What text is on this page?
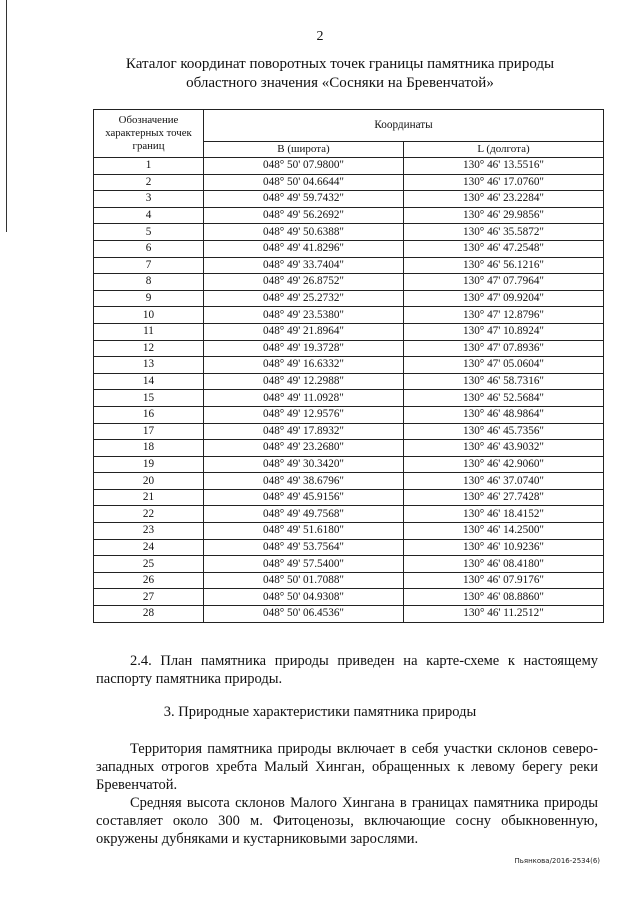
2
Каталог координат поворотных точек границы памятника природы
областного значения «Сосняки на Бревенчатой»
Обозначение характерных точек границ	Координаты	
	B (широта)	L (долгота)
1	048° 50' 07.9800"	130° 46' 13.5516"
2	048° 50' 04.6644"	130° 46' 17.0760"
3	048° 49' 59.7432"	130° 46' 23.2284"
4	048° 49' 56.2692"	130° 46' 29.9856"
5	048° 49' 50.6388"	130° 46' 35.5872"
6	048° 49' 41.8296"	130° 46' 47.2548"
7	048° 49' 33.7404"	130° 46' 56.1216"
8	048° 49' 26.8752"	130° 47' 07.7964"
9	048° 49' 25.2732"	130° 47' 09.9204"
10	048° 49' 23.5380"	130° 47' 12.8796"
11	048° 49' 21.8964"	130° 47' 10.8924"
12	048° 49' 19.3728"	130° 47' 07.8936"
13	048° 49' 16.6332"	130° 47' 05.0604"
14	048° 49' 12.2988"	130° 46' 58.7316"
15	048° 49' 11.0928"	130° 46' 52.5684"
16	048° 49' 12.9576"	130° 46' 48.9864"
17	048° 49' 17.8932"	130° 46' 45.7356"
18	048° 49' 23.2680"	130° 46' 43.9032"
19	048° 49' 30.3420"	130° 46' 42.9060"
20	048° 49' 38.6796"	130° 46' 37.0740"
21	048° 49' 45.9156"	130° 46' 27.7428"
22	048° 49' 49.7568"	130° 46' 18.4152"
23	048° 49' 51.6180"	130° 46' 14.2500"
24	048° 49' 53.7564"	130° 46' 10.9236"
25	048° 49' 57.5400"	130° 46' 08.4180"
26	048° 50' 01.7088"	130° 46' 07.9176"
27	048° 50' 04.9308"	130° 46' 08.8860"
28	048° 50' 06.4536"	130° 46' 11.2512"

2.4. План памятника природы приведен на карте-схеме к настоящему паспорту памятника природы.

3. Природные характеристики памятника природы

Территория памятника природы включает в себя участки склонов северо-западных отрогов хребта Малый Хинган, обращенных к левому берегу реки Бревенчатой.

Средняя высота склонов Малого Хингана в границах памятника природы составляет около 300 м. Фитоценозы, включающие сосну обыкновенную, окружены дубняками и кустарниковыми зарослями.

Пьянкова/2016-2534(6)
